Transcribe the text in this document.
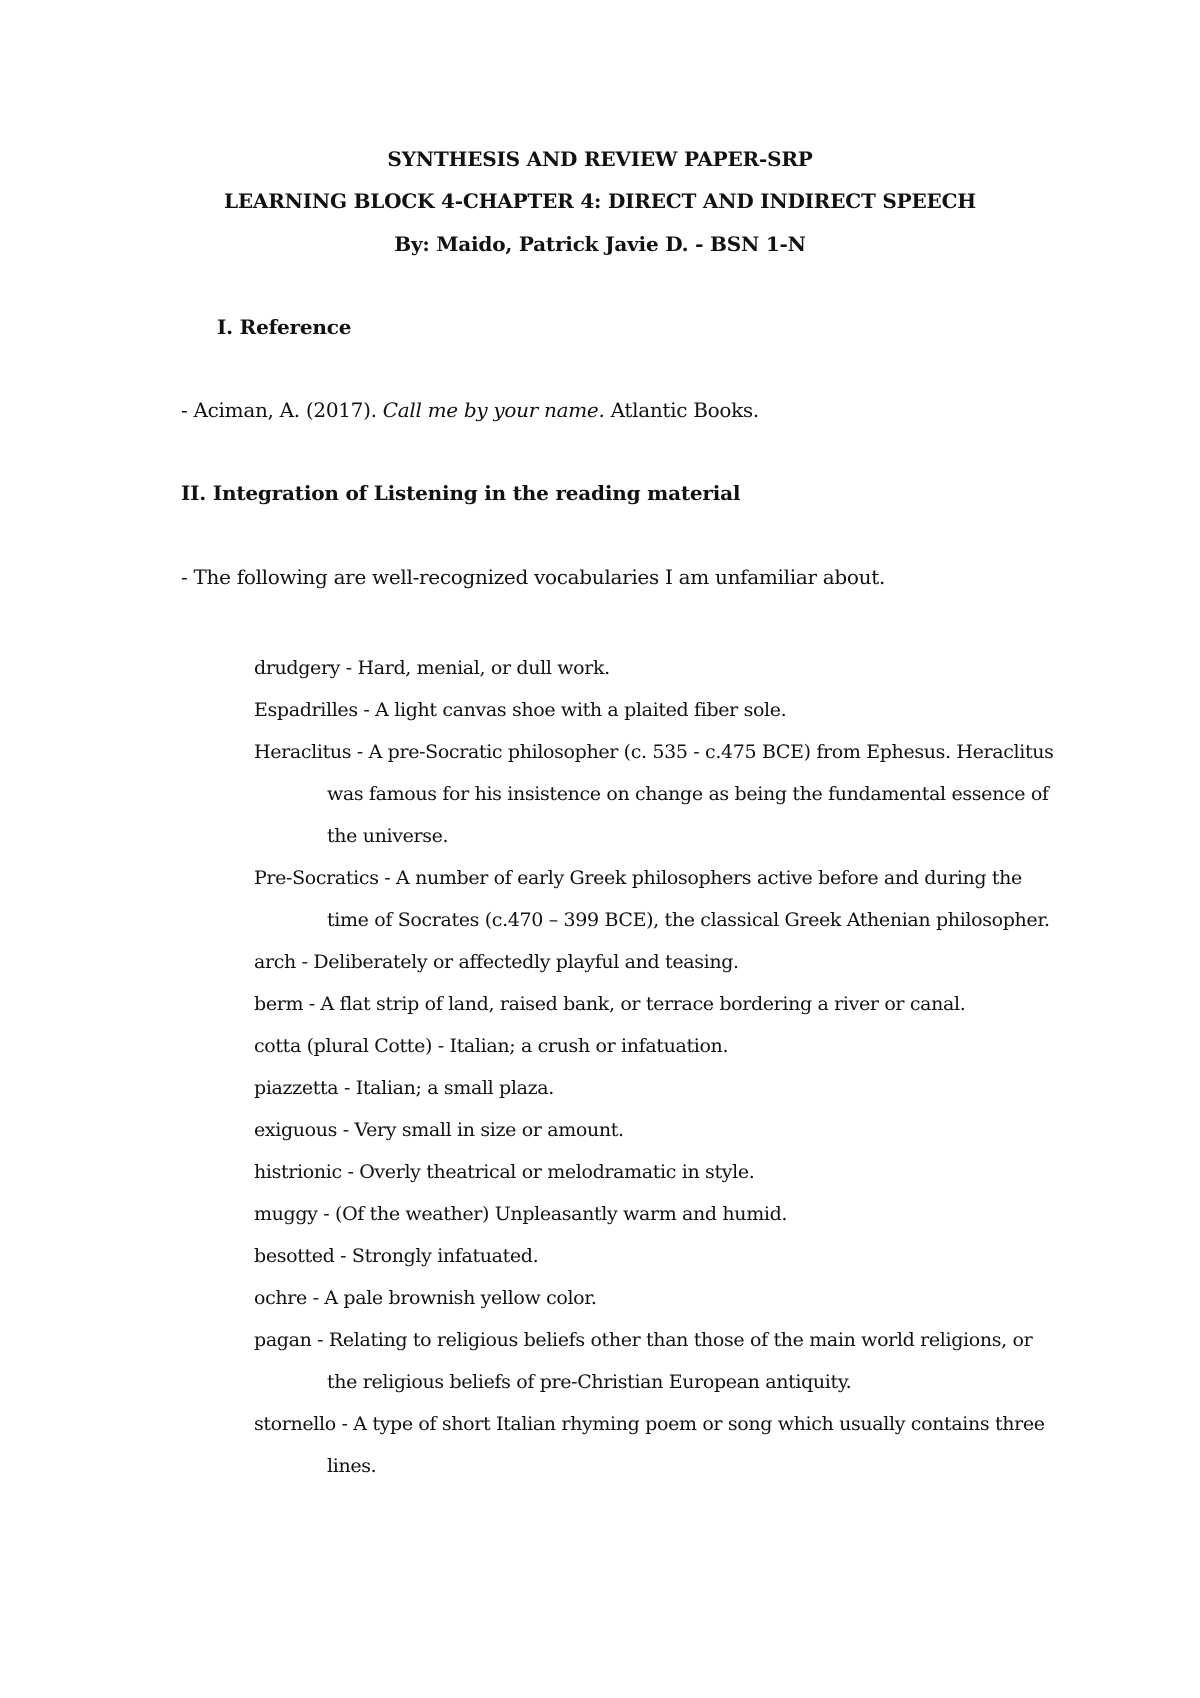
SYNTHESIS AND REVIEW PAPER-SRP
LEARNING BLOCK 4-CHAPTER 4: DIRECT AND INDIRECT SPEECH
By: Maido, Patrick Javie D. - BSN 1-N
I. Reference
- Aciman, A. (2017). Call me by your name. Atlantic Books.
II. Integration of Listening in the reading material
- The following are well-recognized vocabularies I am unfamiliar about.
drudgery - Hard, menial, or dull work.
Espadrilles - A light canvas shoe with a plaited fiber sole.
Heraclitus - A pre-Socratic philosopher (c. 535 - c.475 BCE) from Ephesus. Heraclitus was famous for his insistence on change as being the fundamental essence of the universe.
Pre-Socratics - A number of early Greek philosophers active before and during the time of Socrates (c.470 – 399 BCE), the classical Greek Athenian philosopher.
arch - Deliberately or affectedly playful and teasing.
berm - A flat strip of land, raised bank, or terrace bordering a river or canal.
cotta (plural Cotte) - Italian; a crush or infatuation.
piazzetta - Italian; a small plaza.
exiguous - Very small in size or amount.
histrionic - Overly theatrical or melodramatic in style.
muggy - (Of the weather) Unpleasantly warm and humid.
besotted - Strongly infatuated.
ochre - A pale brownish yellow color.
pagan - Relating to religious beliefs other than those of the main world religions, or the religious beliefs of pre-Christian European antiquity.
stornello - A type of short Italian rhyming poem or song which usually contains three lines.
